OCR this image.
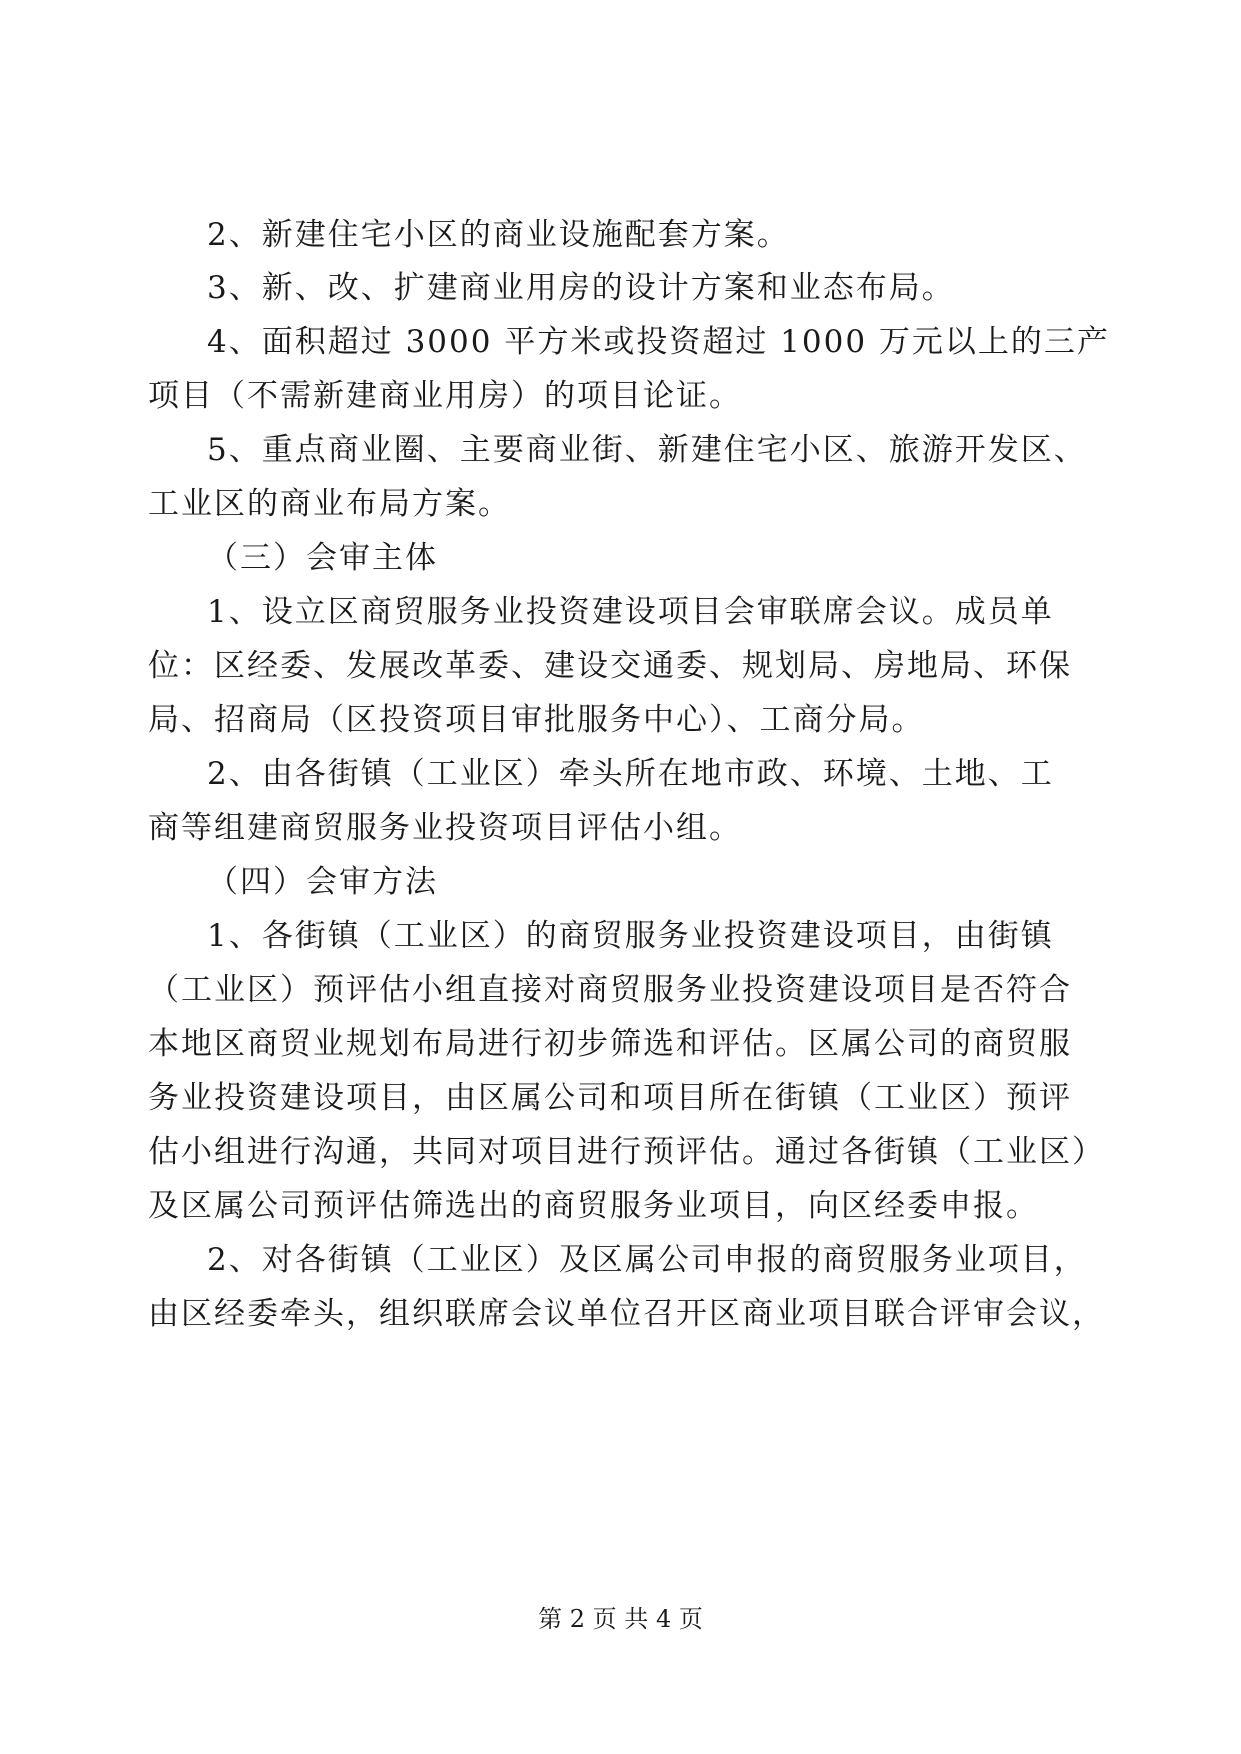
2、新建住宅小区的商业设施配套方案。
3、新、改、扩建商业用房的设计方案和业态布局。
4、面积超过 3000 平方米或投资超过 1000 万元以上的三产
项目（不需新建商业用房）的项目论证。
5、重点商业圈、主要商业街、新建住宅小区、旅游开发区、
工业区的商业布局方案。
（三）会审主体
1、设立区商贸服务业投资建设项目会审联席会议。成员单
位：区经委、发展改革委、建设交通委、规划局、房地局、环保
局、招商局（区投资项目审批服务中心）、工商分局。
2、由各街镇（工业区）牵头所在地市政、环境、土地、工
商等组建商贸服务业投资项目评估小组。
（四）会审方法
1、各街镇（工业区）的商贸服务业投资建设项目，由街镇
（工业区）预评估小组直接对商贸服务业投资建设项目是否符合
本地区商贸业规划布局进行初步筛选和评估。区属公司的商贸服
务业投资建设项目，由区属公司和项目所在街镇（工业区）预评
估小组进行沟通，共同对项目进行预评估。通过各街镇（工业区）
及区属公司预评估筛选出的商贸服务业项目，向区经委申报。
2、对各街镇（工业区）及区属公司申报的商贸服务业项目，
由区经委牵头，组织联席会议单位召开区商业项目联合评审会议，
第 2 页 共 4 页
